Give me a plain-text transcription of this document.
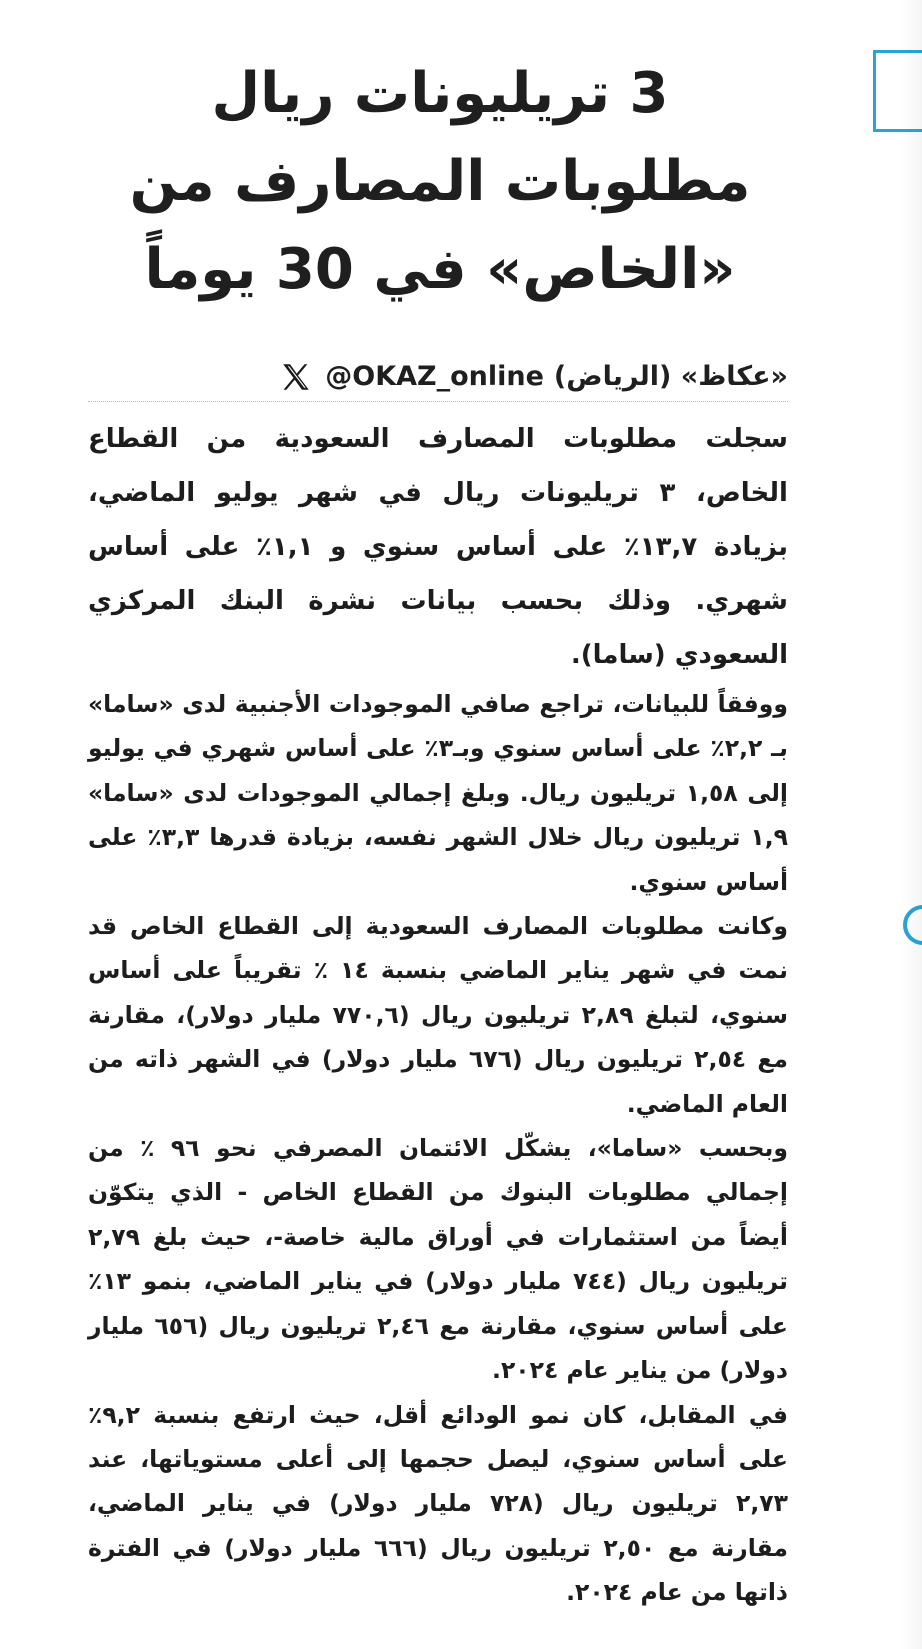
3 تريليونات ريال
مطلوبات المصارف من
«الخاص» في 30 يوماً
«عكاظ» (الرياض)
@OKAZ_online

سجلت مطلوبات المصارف السعودية من القطاع الخاص، ٣ تريليونات ريال في شهر يوليو الماضي، بزيادة ١٣,٧٪ على أساس سنوي و ١,١٪ على أساس شهري. وذلك بحسب بيانات نشرة البنك المركزي السعودي (ساما).

ووفقاً للبيانات، تراجع صافي الموجودات الأجنبية لدى «ساما» بـ ٢,٢٪ على أساس سنوي وبـ٣٪ على أساس شهري في يوليو إلى ١,٥٨ تريليون ريال. وبلغ إجمالي الموجودات لدى «ساما» ١,٩ تريليون ريال خلال الشهر نفسه، بزيادة قدرها ٣,٣٪ على أساس سنوي.

وكانت مطلوبات المصارف السعودية إلى القطاع الخاص قد نمت في شهر يناير الماضي بنسبة ١٤ ٪ تقريباً على أساس سنوي، لتبلغ ٢,٨٩ تريليون ريال (٧٧٠,٦ مليار دولار)، مقارنة مع ٢,٥٤ تريليون ريال (٦٧٦ مليار دولار) في الشهر ذاته من العام الماضي.

وبحسب «ساما»، يشكّل الائتمان المصرفي نحو ٩٦ ٪ من إجمالي مطلوبات البنوك من القطاع الخاص - الذي يتكوّن أيضاً من استثمارات في أوراق مالية خاصة-، حيث بلغ ٢,٧٩ تريليون ريال (٧٤٤ مليار دولار) في يناير الماضي، بنمو ١٣٪ على أساس سنوي، مقارنة مع ٢,٤٦ تريليون ريال (٦٥٦ مليار دولار) من يناير عام ٢٠٢٤.

في المقابل، كان نمو الودائع أقل، حيث ارتفع بنسبة ٩,٢٪ على أساس سنوي، ليصل حجمها إلى أعلى مستوياتها، عند ٢,٧٣ تريليون ريال (٧٢٨ مليار دولار) في يناير الماضي، مقارنة مع ٢,٥٠ تريليون ريال (٦٦٦ مليار دولار) في الفترة ذاتها من عام ٢٠٢٤.
